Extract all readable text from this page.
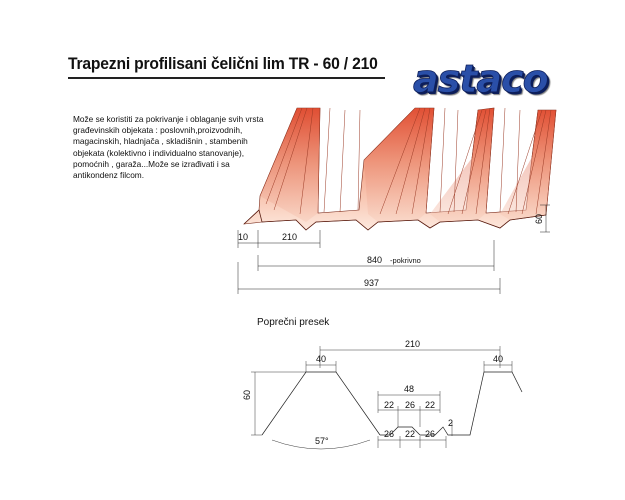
Trapezni profilisani čelični lim TR - 60 / 210 astaco
Može se koristiti za pokrivanje i oblaganje svih vrsta
građevinskih objekata : poslovnih,proizvodnih,
magacinskih, hladnjača , skladišnin , stambenih
objekata (kolektivno i individualno stanovanje),
pomoćnih , garaža...Može se izrađivati i sa
antikondenz filcom.
60
10	210
840 -pokrivno
937
210
40	40
60
57°
48
22 26 22
26 22 26
2
Poprečni presek
